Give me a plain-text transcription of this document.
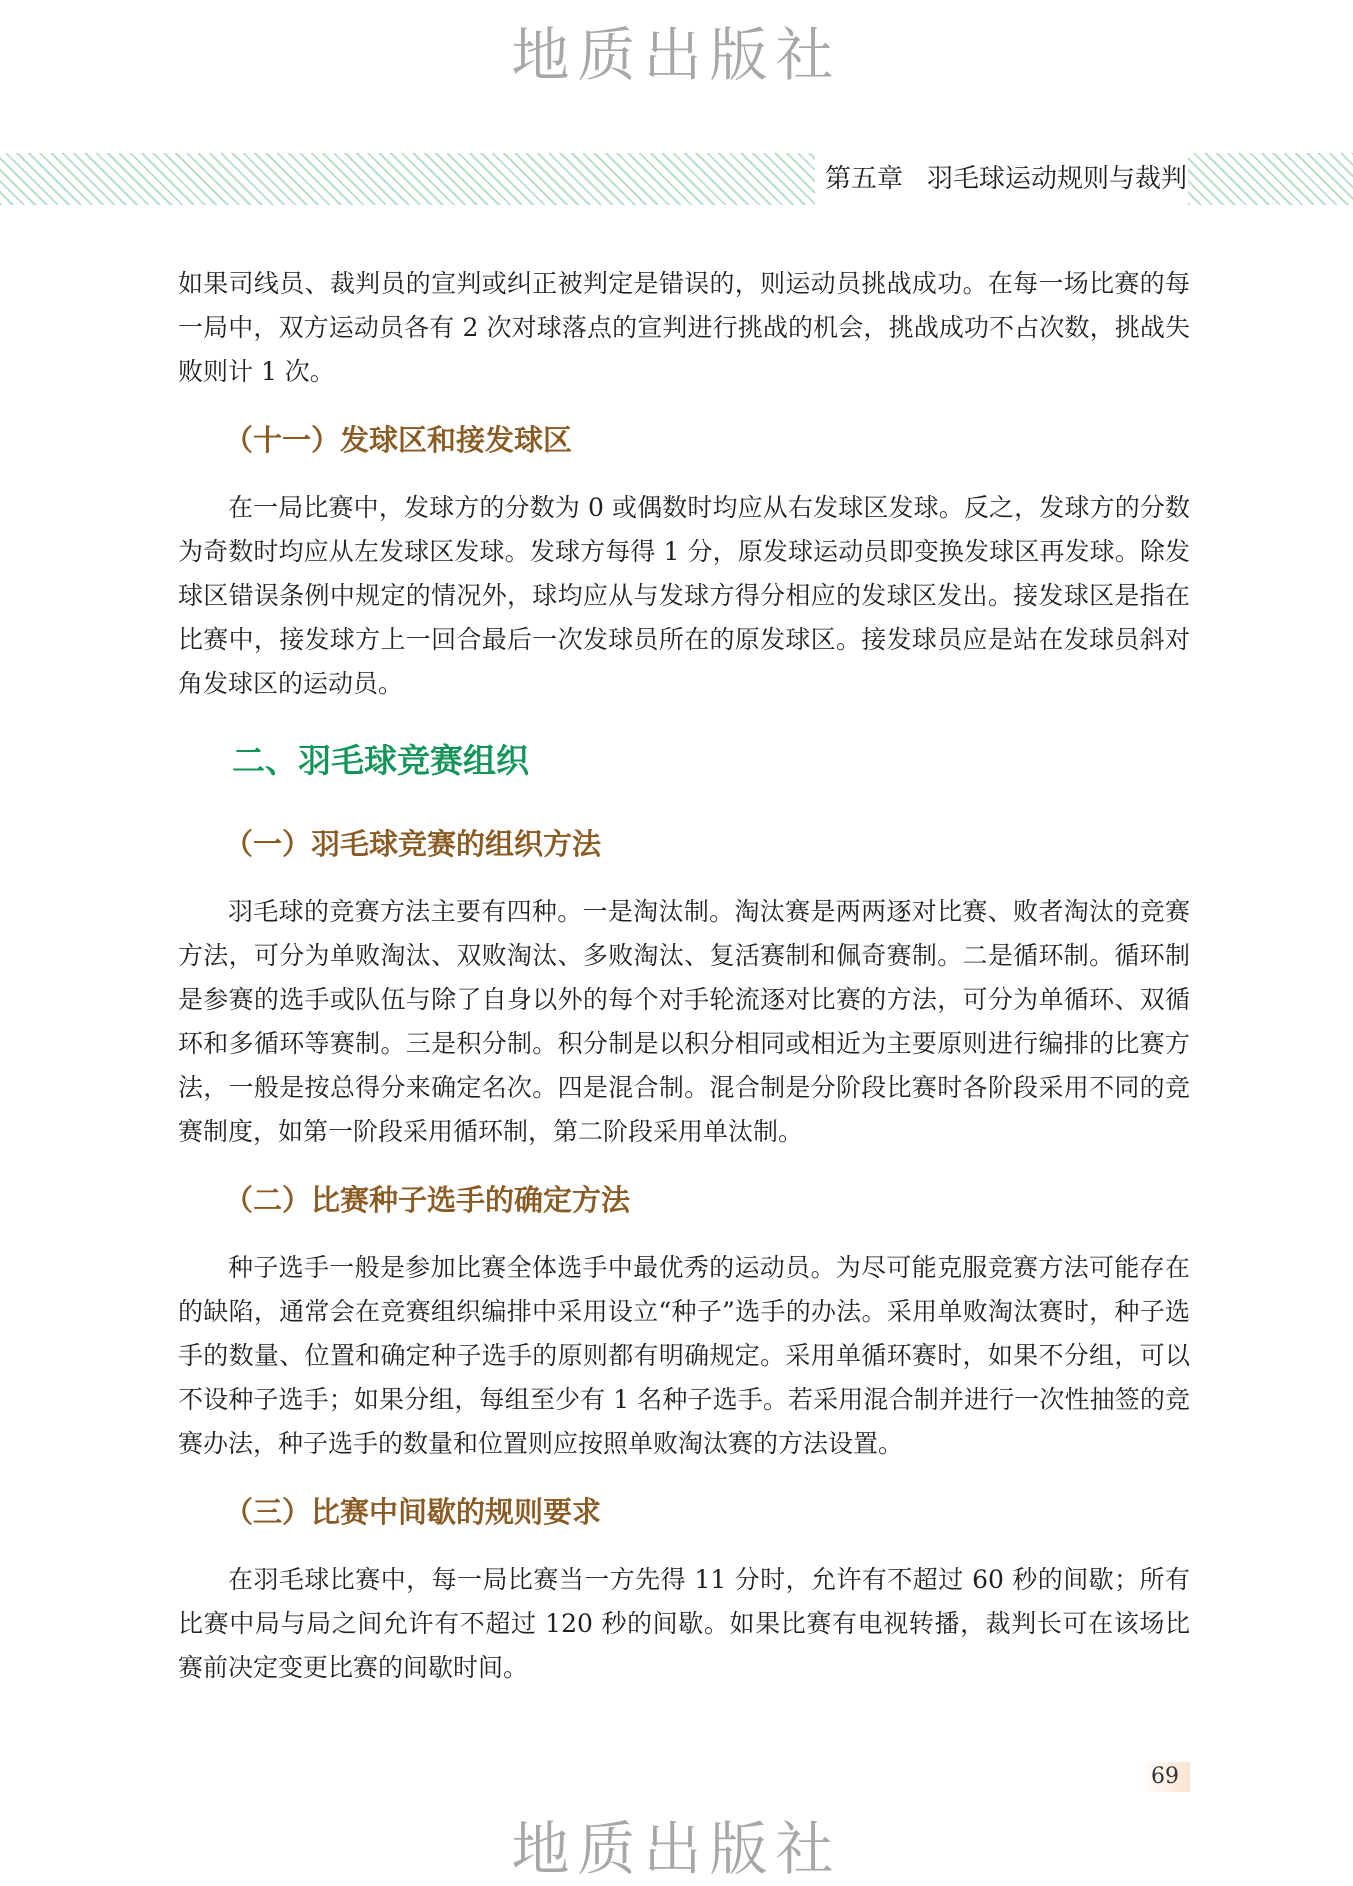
地质出版社
第五章 羽毛球运动规则与裁判

如果司线员、裁判员的宣判或纠正被判定是错误的，则运动员挑战成功。在每一场比赛的每一局中，双方运动员各有 2 次对球落点的宣判进行挑战的机会，挑战成功不占次数，挑战失败则计 1 次。

（十一）发球区和接发球区

在一局比赛中，发球方的分数为 0 或偶数时均应从右发球区发球。反之，发球方的分数为奇数时均应从左发球区发球。发球方每得 1 分，原发球运动员即变换发球区再发球。除发球区错误条例中规定的情况外，球均应从与发球方得分相应的发球区发出。接发球区是指在比赛中，接发球方上一回合最后一次发球员所在的原发球区。接发球员应是站在发球员斜对角发球区的运动员。

二、羽毛球竞赛组织
（一）羽毛球竞赛的组织方法

羽毛球的竞赛方法主要有四种。一是淘汰制。淘汰赛是两两逐对比赛、败者淘汰的竞赛方法，可分为单败淘汰、双败淘汰、多败淘汰、复活赛制和佩奇赛制。二是循环制。循环制是参赛的选手或队伍与除了自身以外的每个对手轮流逐对比赛的方法，可分为单循环、双循环和多循环等赛制。三是积分制。积分制是以积分相同或相近为主要原则进行编排的比赛方法，一般是按总得分来确定名次。四是混合制。混合制是分阶段比赛时各阶段采用不同的竞赛制度，如第一阶段采用循环制，第二阶段采用单汰制。

（二）比赛种子选手的确定方法

种子选手一般是参加比赛全体选手中最优秀的运动员。为尽可能克服竞赛方法可能存在的缺陷，通常会在竞赛组织编排中采用设立“种子”选手的办法。采用单败淘汰赛时，种子选手的数量、位置和确定种子选手的原则都有明确规定。采用单循环赛时，如果不分组，可以不设种子选手；如果分组，每组至少有 1 名种子选手。若采用混合制并进行一次性抽签的竞赛办法，种子选手的数量和位置则应按照单败淘汰赛的方法设置。

（三）比赛中间歇的规则要求

在羽毛球比赛中，每一局比赛当一方先得 11 分时，允许有不超过 60 秒的间歇；所有比赛中局与局之间允许有不超过 120 秒的间歇。如果比赛有电视转播，裁判长可在该场比赛前决定变更比赛的间歇时间。

69
地质出版社
